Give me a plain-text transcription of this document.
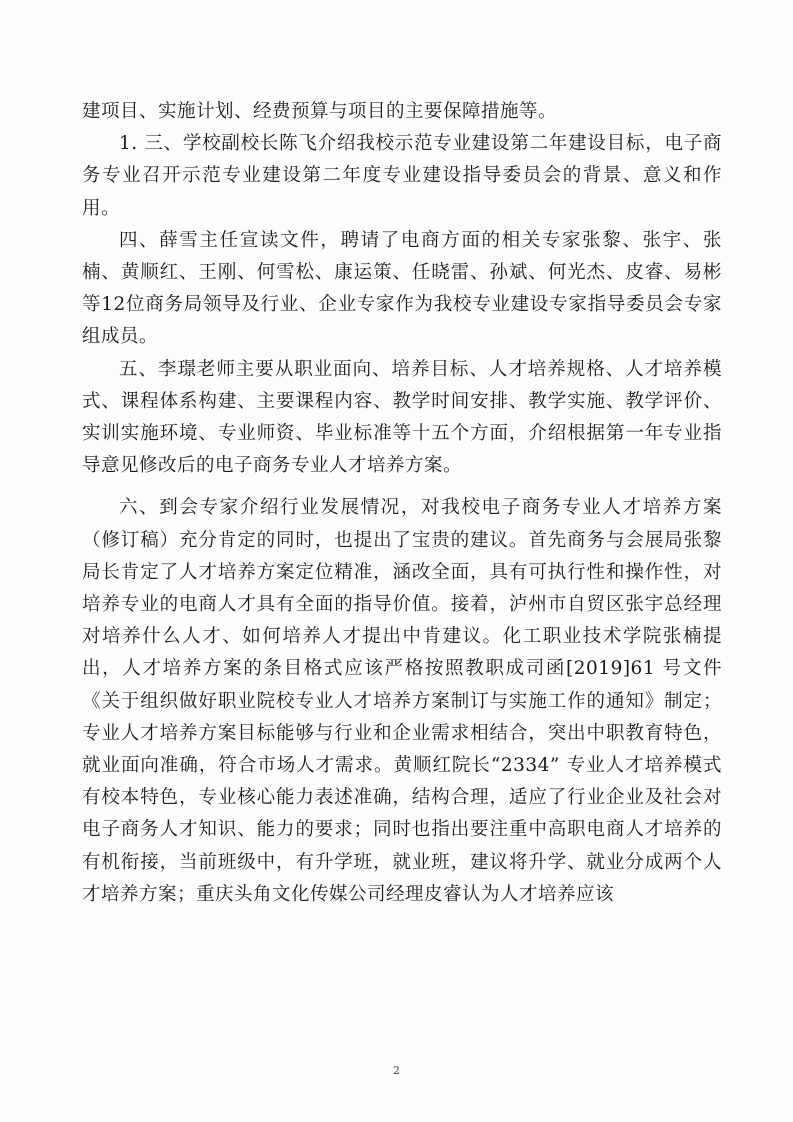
建项目、实施计划、经费预算与项目的主要保障措施等。

1. 三、学校副校长陈飞介绍我校示范专业建设第二年建设目标，电子商务专业召开示范专业建设第二年度专业建设指导委员会的背景、意义和作用。

四、薛雪主任宣读文件，聘请了电商方面的相关专家张黎、张宇、张楠、黄顺红、王刚、何雪松、康运策、任晓雷、孙斌、何光杰、皮睿、易彬等12位商务局领导及行业、企业专家作为我校专业建设专家指导委员会专家组成员。

五、李璟老师主要从职业面向、培养目标、人才培养规格、人才培养模式、课程体系构建、主要课程内容、教学时间安排、教学实施、教学评价、实训实施环境、专业师资、毕业标准等十五个方面，介绍根据第一年专业指导意见修改后的电子商务专业人才培养方案。

六、到会专家介绍行业发展情况，对我校电子商务专业人才培养方案（修订稿）充分肯定的同时，也提出了宝贵的建议。首先商务与会展局张黎局长肯定了人才培养方案定位精准，涵改全面，具有可执行性和操作性，对培养专业的电商人才具有全面的指导价值。接着，泸州市自贸区张宇总经理对培养什么人才、如何培养人才提出中肯建议。化工职业技术学院张楠提出，人才培养方案的条目格式应该严格按照教职成司函[2019]61 号文件《关于组织做好职业院校专业人才培养方案制订与实施工作的通知》制定；专业人才培养方案目标能够与行业和企业需求相结合，突出中职教育特色，就业面向准确，符合市场人才需求。黄顺红院长“2334” 专业人才培养模式有校本特色，专业核心能力表述准确，结构合理，适应了行业企业及社会对电子商务人才知识、能力的要求；同时也指出要注重中高职电商人才培养的有机衔接，当前班级中，有升学班，就业班，建议将升学、就业分成两个人才培养方案；重庆头角文化传媒公司经理皮睿认为人才培养应该

2
